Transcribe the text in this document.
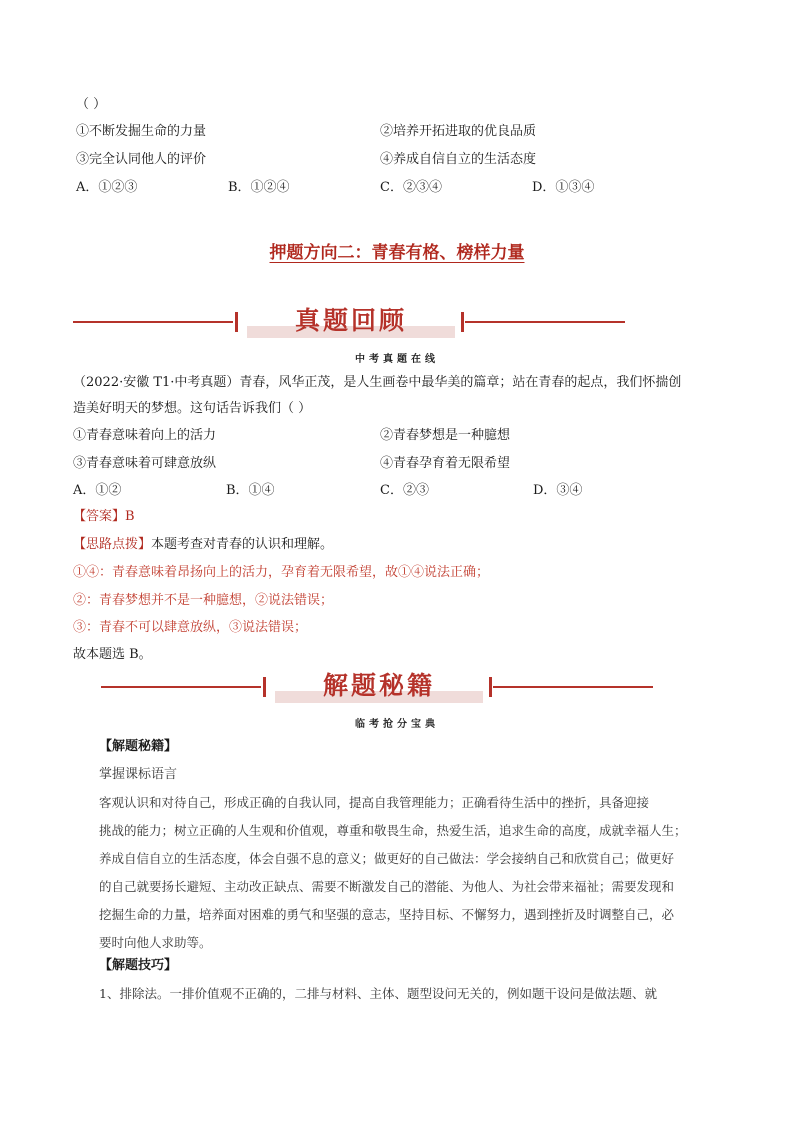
（ ）
①不断发掘生命的力量	②培养开拓进取的优良品质
③完全认同他人的评价	④养成自信自立的生活态度
A．①②③	B．①②④	C．②③④	D．①③④
押题方向二：青春有格、榜样力量
真题回顾
中考真题在线
（2022·安徽 T1·中考真题）青春，风华正茂，是人生画卷中最华美的篇章；站在青春的起点，我们怀揣创
造美好明天的梦想。这句话告诉我们（ ）
①青春意味着向上的活力	②青春梦想是一种臆想
③青春意味着可肆意放纵	④青春孕育着无限希望
A．①②	B．①④	C．②③	D．③④
【答案】B
【思路点拨】本题考查对青春的认识和理解。
①④：青春意味着昂扬向上的活力，孕育着无限希望，故①④说法正确；
②：青春梦想并不是一种臆想，②说法错误；
③：青春不可以肆意放纵，③说法错误；
故本题选 B。
解题秘籍
临考抢分宝典
【解题秘籍】
掌握课标语言
客观认识和对待自己，形成正确的自我认同，提高自我管理能力；正确看待生活中的挫折，具备迎接
挑战的能力；树立正确的人生观和价值观，尊重和敬畏生命，热爱生活，追求生命的高度，成就幸福人生；
养成自信自立的生活态度，体会自强不息的意义；做更好的自己做法：学会接纳自己和欣赏自己；做更好
的自己就要扬长避短、主动改正缺点、需要不断激发自己的潜能、为他人、为社会带来福祉；需要发现和
挖掘生命的力量，培养面对困难的勇气和坚强的意志，坚持目标、不懈努力，遇到挫折及时调整自己，必
要时向他人求助等。
【解题技巧】
1、排除法。一排价值观不正确的，二排与材料、主体、题型设问无关的，例如题干设问是做法题、就
